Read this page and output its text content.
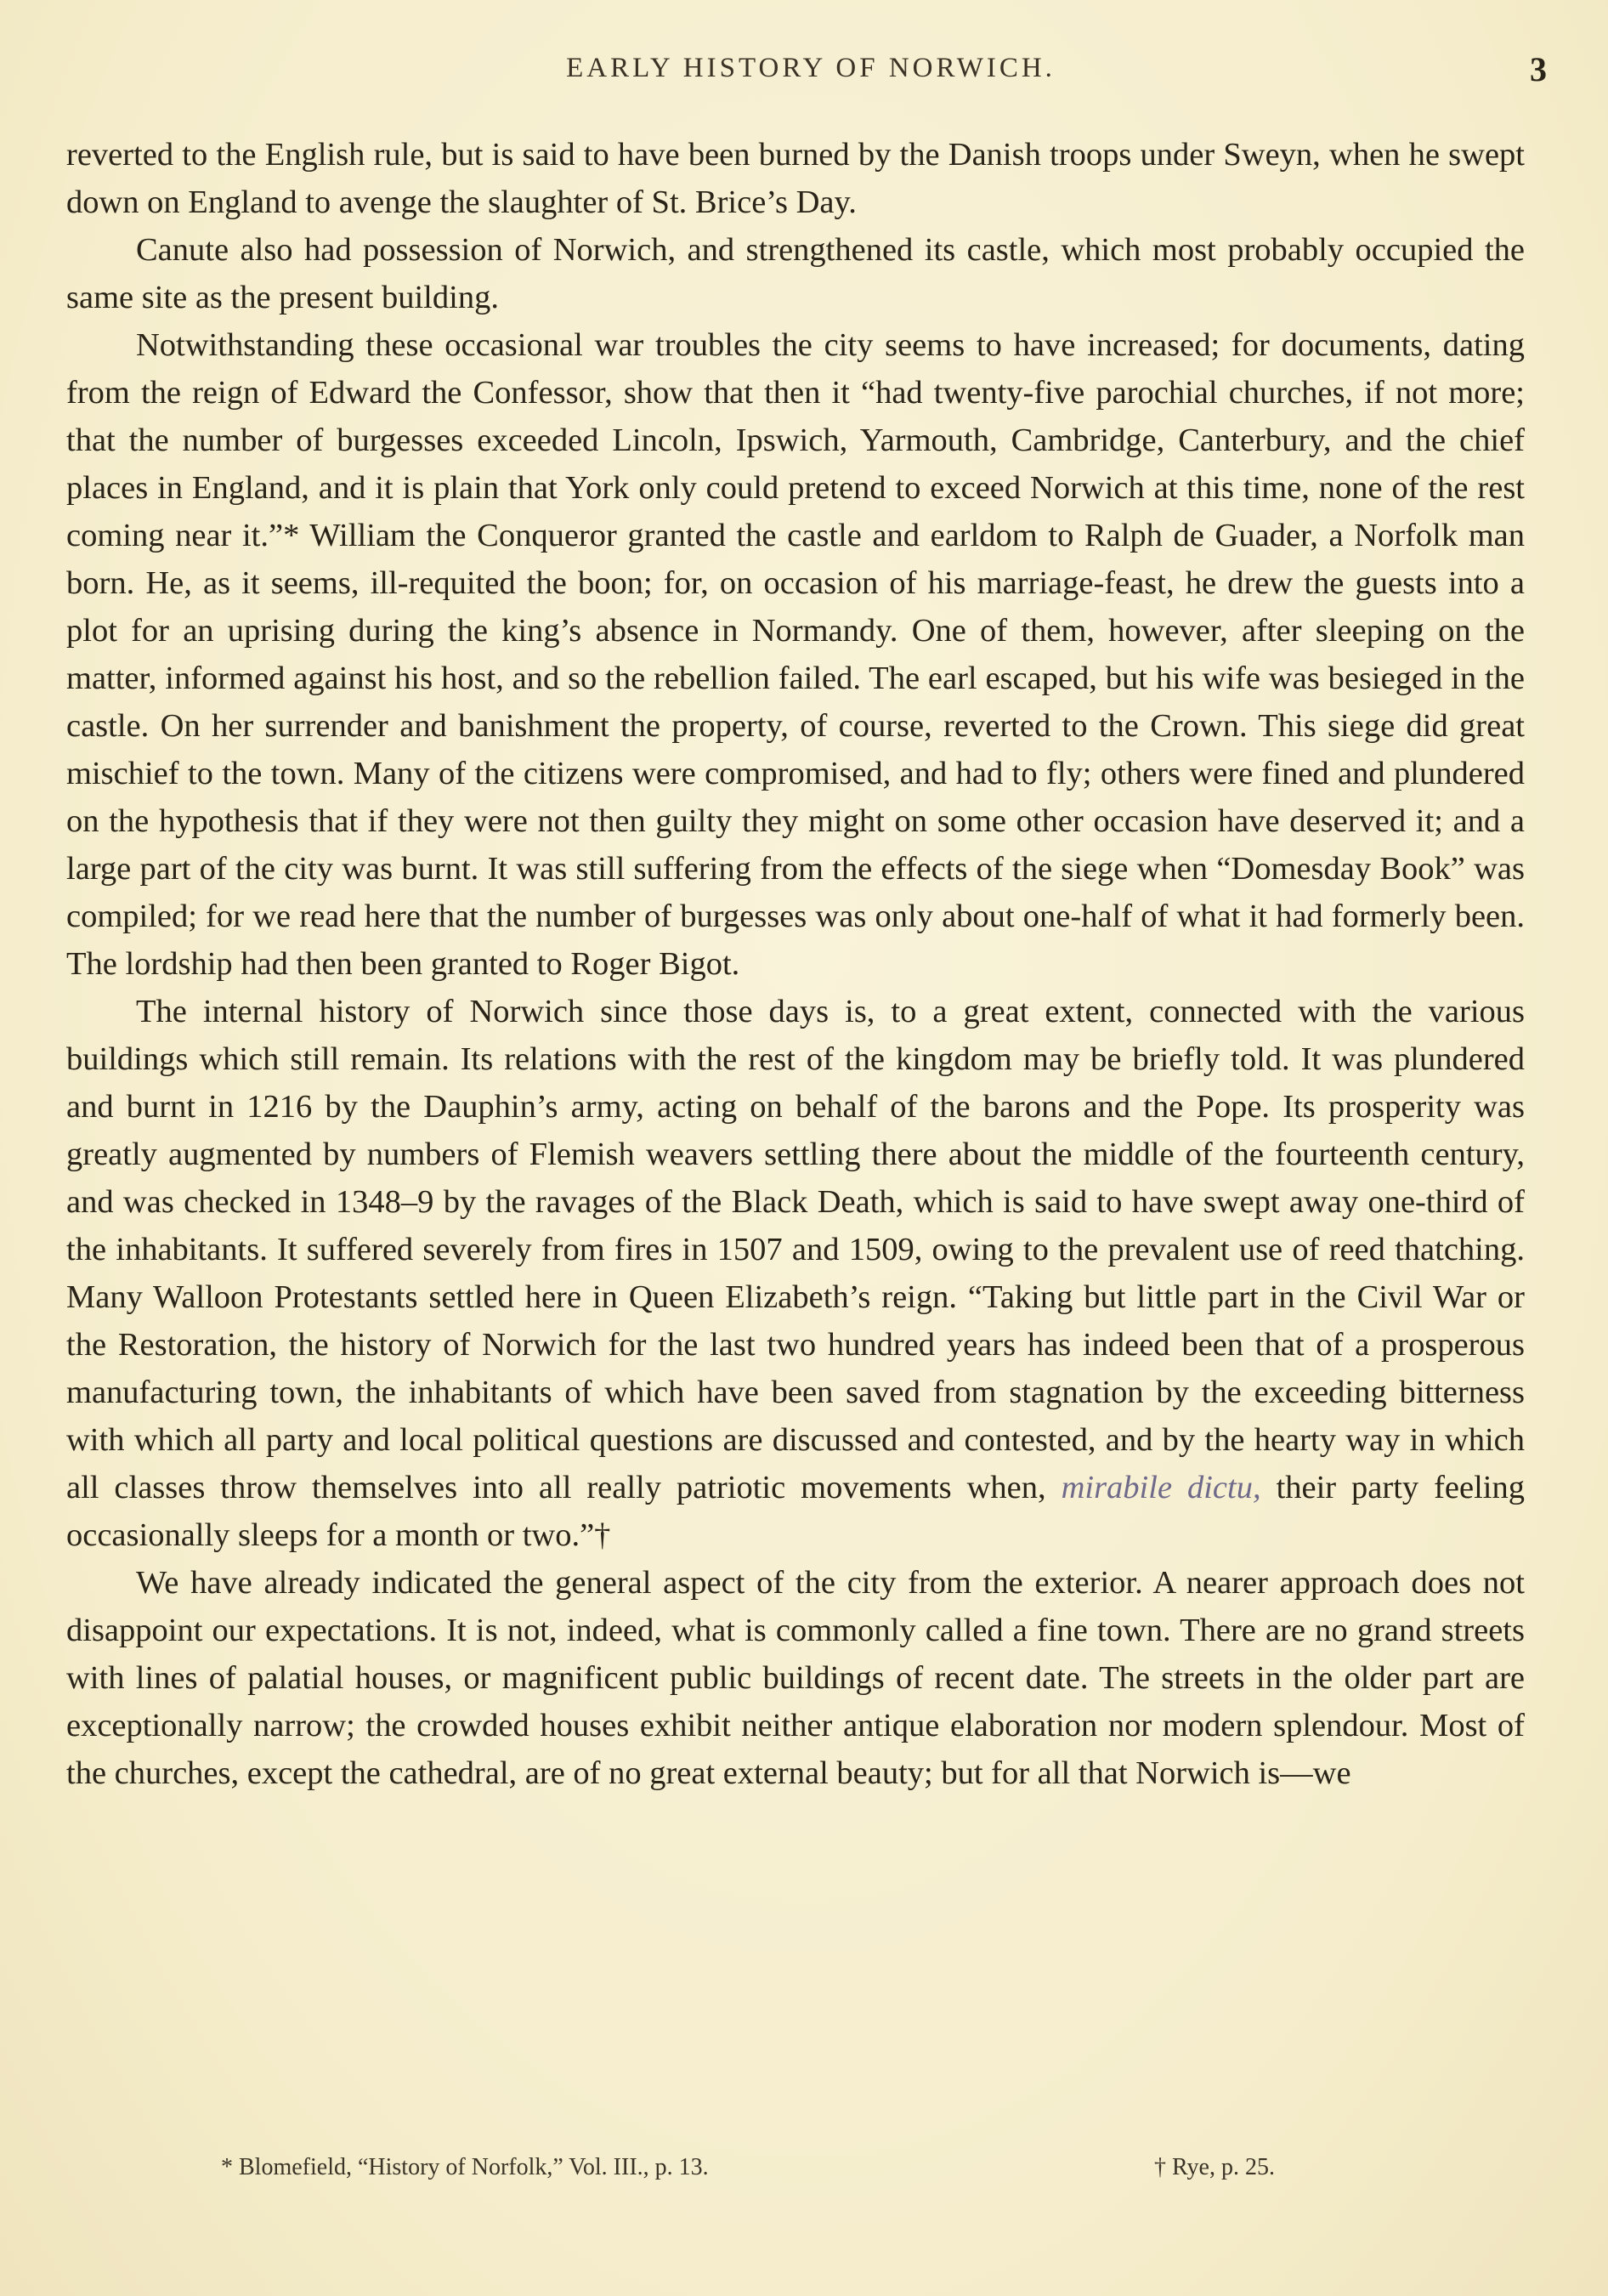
EARLY HISTORY OF NORWICH.	3

reverted to the English rule, but is said to have been burned by the Danish troops under Sweyn, when he swept down on England to avenge the slaughter of St. Brice’s Day.

Canute also had possession of Norwich, and strengthened its castle, which most probably occupied the same site as the present building.

Notwithstanding these occasional war troubles the city seems to have increased; for documents, dating from the reign of Edward the Confessor, show that then it “had twenty-five parochial churches, if not more; that the number of burgesses exceeded Lincoln, Ipswich, Yarmouth, Cambridge, Canterbury, and the chief places in England, and it is plain that York only could pretend to exceed Norwich at this time, none of the rest coming near it.”* William the Conqueror granted the castle and earldom to Ralph de Guader, a Norfolk man born. He, as it seems, ill-requited the boon; for, on occasion of his marriage-feast, he drew the guests into a plot for an uprising during the king’s absence in Normandy. One of them, however, after sleeping on the matter, informed against his host, and so the rebellion failed. The earl escaped, but his wife was besieged in the castle. On her surrender and banishment the property, of course, reverted to the Crown. This siege did great mischief to the town. Many of the citizens were compromised, and had to fly; others were fined and plundered on the hypothesis that if they were not then guilty they might on some other occasion have deserved it; and a large part of the city was burnt. It was still suffering from the effects of the siege when “Domesday Book” was compiled; for we read here that the number of burgesses was only about one-half of what it had formerly been. The lordship had then been granted to Roger Bigot.

The internal history of Norwich since those days is, to a great extent, connected with the various buildings which still remain. Its relations with the rest of the kingdom may be briefly told. It was plundered and burnt in 1216 by the Dauphin’s army, acting on behalf of the barons and the Pope. Its prosperity was greatly augmented by numbers of Flemish weavers settling there about the middle of the fourteenth century, and was checked in 1348–9 by the ravages of the Black Death, which is said to have swept away one-third of the inhabitants. It suffered severely from fires in 1507 and 1509, owing to the prevalent use of reed thatching. Many Walloon Protestants settled here in Queen Elizabeth’s reign. “Taking but little part in the Civil War or the Restoration, the history of Norwich for the last two hundred years has indeed been that of a prosperous manufacturing town, the inhabitants of which have been saved from stagnation by the exceeding bitterness with which all party and local political questions are discussed and contested, and by the hearty way in which all classes throw themselves into all really patriotic movements when, mirabile dictu, their party feeling occasionally sleeps for a month or two.”†

We have already indicated the general aspect of the city from the exterior. A nearer approach does not disappoint our expectations. It is not, indeed, what is commonly called a fine town. There are no grand streets with lines of palatial houses, or magnificent public buildings of recent date. The streets in the older part are exceptionally narrow; the crowded houses exhibit neither antique elaboration nor modern splendour. Most of the churches, except the cathedral, are of no great external beauty; but for all that Norwich is—we

* Blomefield, “History of Norfolk,” Vol. III., p. 13.	† Rye, p. 25.
